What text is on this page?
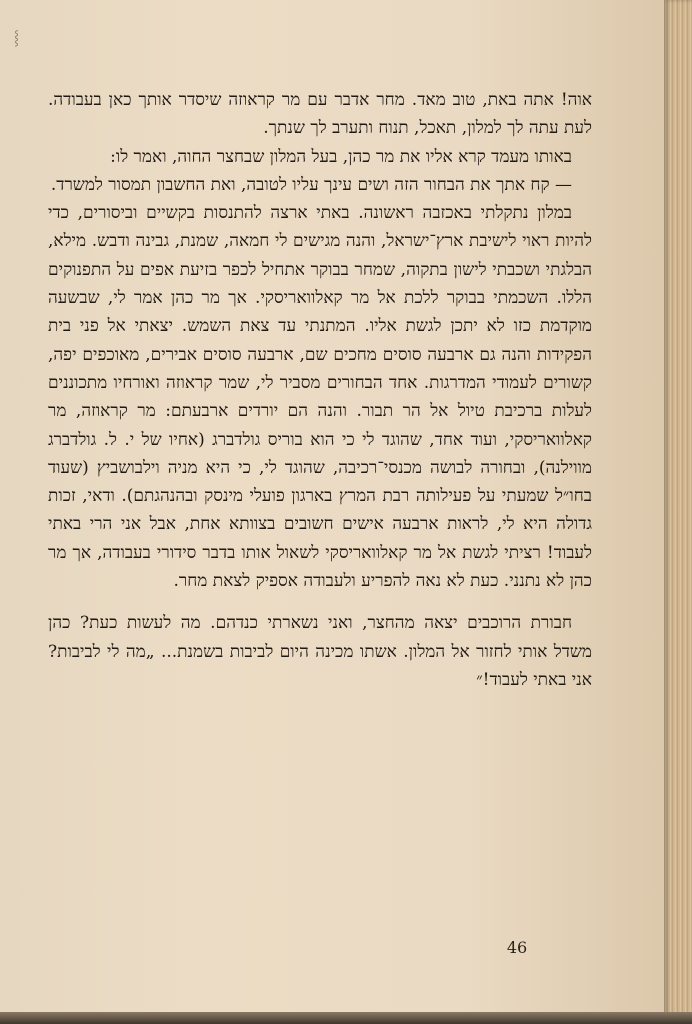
⸾

אוה! אתה באת, טוב מאד. מחר אדבר עם מר קראוזה שיסדר אותך כאן בעבודה. לעת עתה לך למלון, תאכל, תנוח ותערב לך שנתך.

באותו מעמד קרא אליו את מר כהן, בעל המלון שבחצר החוה, ואמר לו:

— קח אתך את הבחור הזה ושים עינך עליו לטובה, ואת החשבון תמסור למשרד.

במלון נתקלתי באכזבה ראשונה. באתי ארצה להתנסות בקשיים וביסורים, כדי להיות ראוי לישיבת ארץ־ישראל, והנה מגישים לי חמאה, שמנת, גבינה ודבש. מילא, הבלגתי ושכבתי לישון בתקוה, שמחר בבוקר אתחיל לכפר בזיעת אפים על התפנוקים הללו. השכמתי בבוקר ללכת אל מר קאלוואריסקי. אך מר כהן אמר לי, שבשעה מוקדמת כזו לא יתכן לגשת אליו. המתנתי עד צאת השמש. יצאתי אל פני בית הפקידות והנה גם ארבעה סוסים מחכים שם, ארבעה סוסים אבירים, מאוכפים יפה, קשורים לעמודי המדרגות. אחד הבחורים מסביר לי, שמר קראוזה ואורחיו מתכוננים לעלות ברכיבת טיול אל הר תבור. והנה הם יורדים ארבעתם: מר קראוזה, מר קאלוואריסקי, ועוד אחד, שהוגד לי כי הוא בוריס גולדברג (אחיו של י. ל. גולדברג מווילנה), ובחורה לבושה מכנסי־רכיבה, שהוגד לי, כי היא מניה וילבושביץ (שעוד בחו״ל שמעתי על פעילותה רבת המרץ בארגון פועלי מינסק ובהנהגתם). ודאי, זכות גדולה היא לי, לראות ארבעה אישים חשובים בצוותא אחת, אבל אני הרי באתי לעבוד! רציתי לגשת אל מר קאלוואריסקי לשאול אותו בדבר סידורי בעבודה, אך מר כהן לא נתנני. כעת לא נאה להפריע ולעבודה אספיק לצאת מחר.

חבורת הרוכבים יצאה מהחצר, ואני נשארתי כנדהם. מה לעשות כעת? כהן משדל אותי לחזור אל המלון. אשתו מכינה היום לביבות בשמנת... „מה לי לביבות? אני באתי לעבוד!״

46
